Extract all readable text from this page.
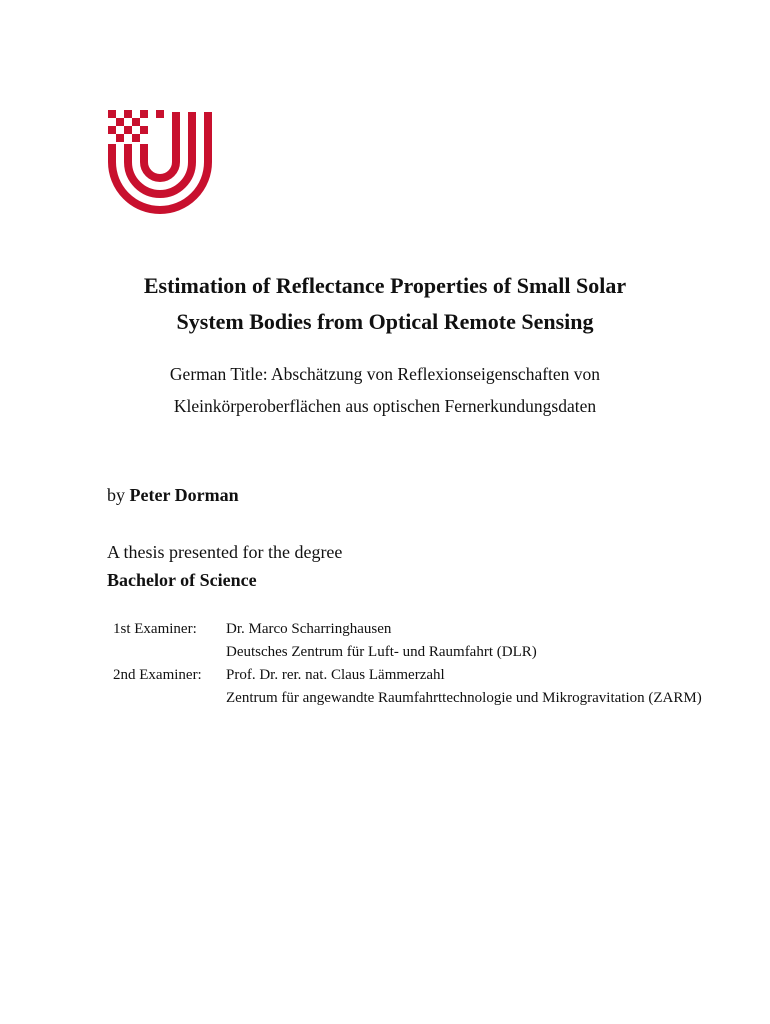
Estimation of Reflectance Properties of Small Solar
System Bodies from Optical Remote Sensing
German Title: Abschätzung von Reflexionseigenschaften von
Kleinkörperoberflächen aus optischen Fernerkundungsdaten
by Peter Dorman
A thesis presented for the degree
Bachelor of Science
1st Examiner:	Dr. Marco Scharringhausen
Deutsches Zentrum für Luft- und Raumfahrt (DLR)
2nd Examiner:	Prof. Dr. rer. nat. Claus Lämmerzahl
Zentrum für angewandte Raumfahrttechnologie und Mikrogravitation (ZARM)
